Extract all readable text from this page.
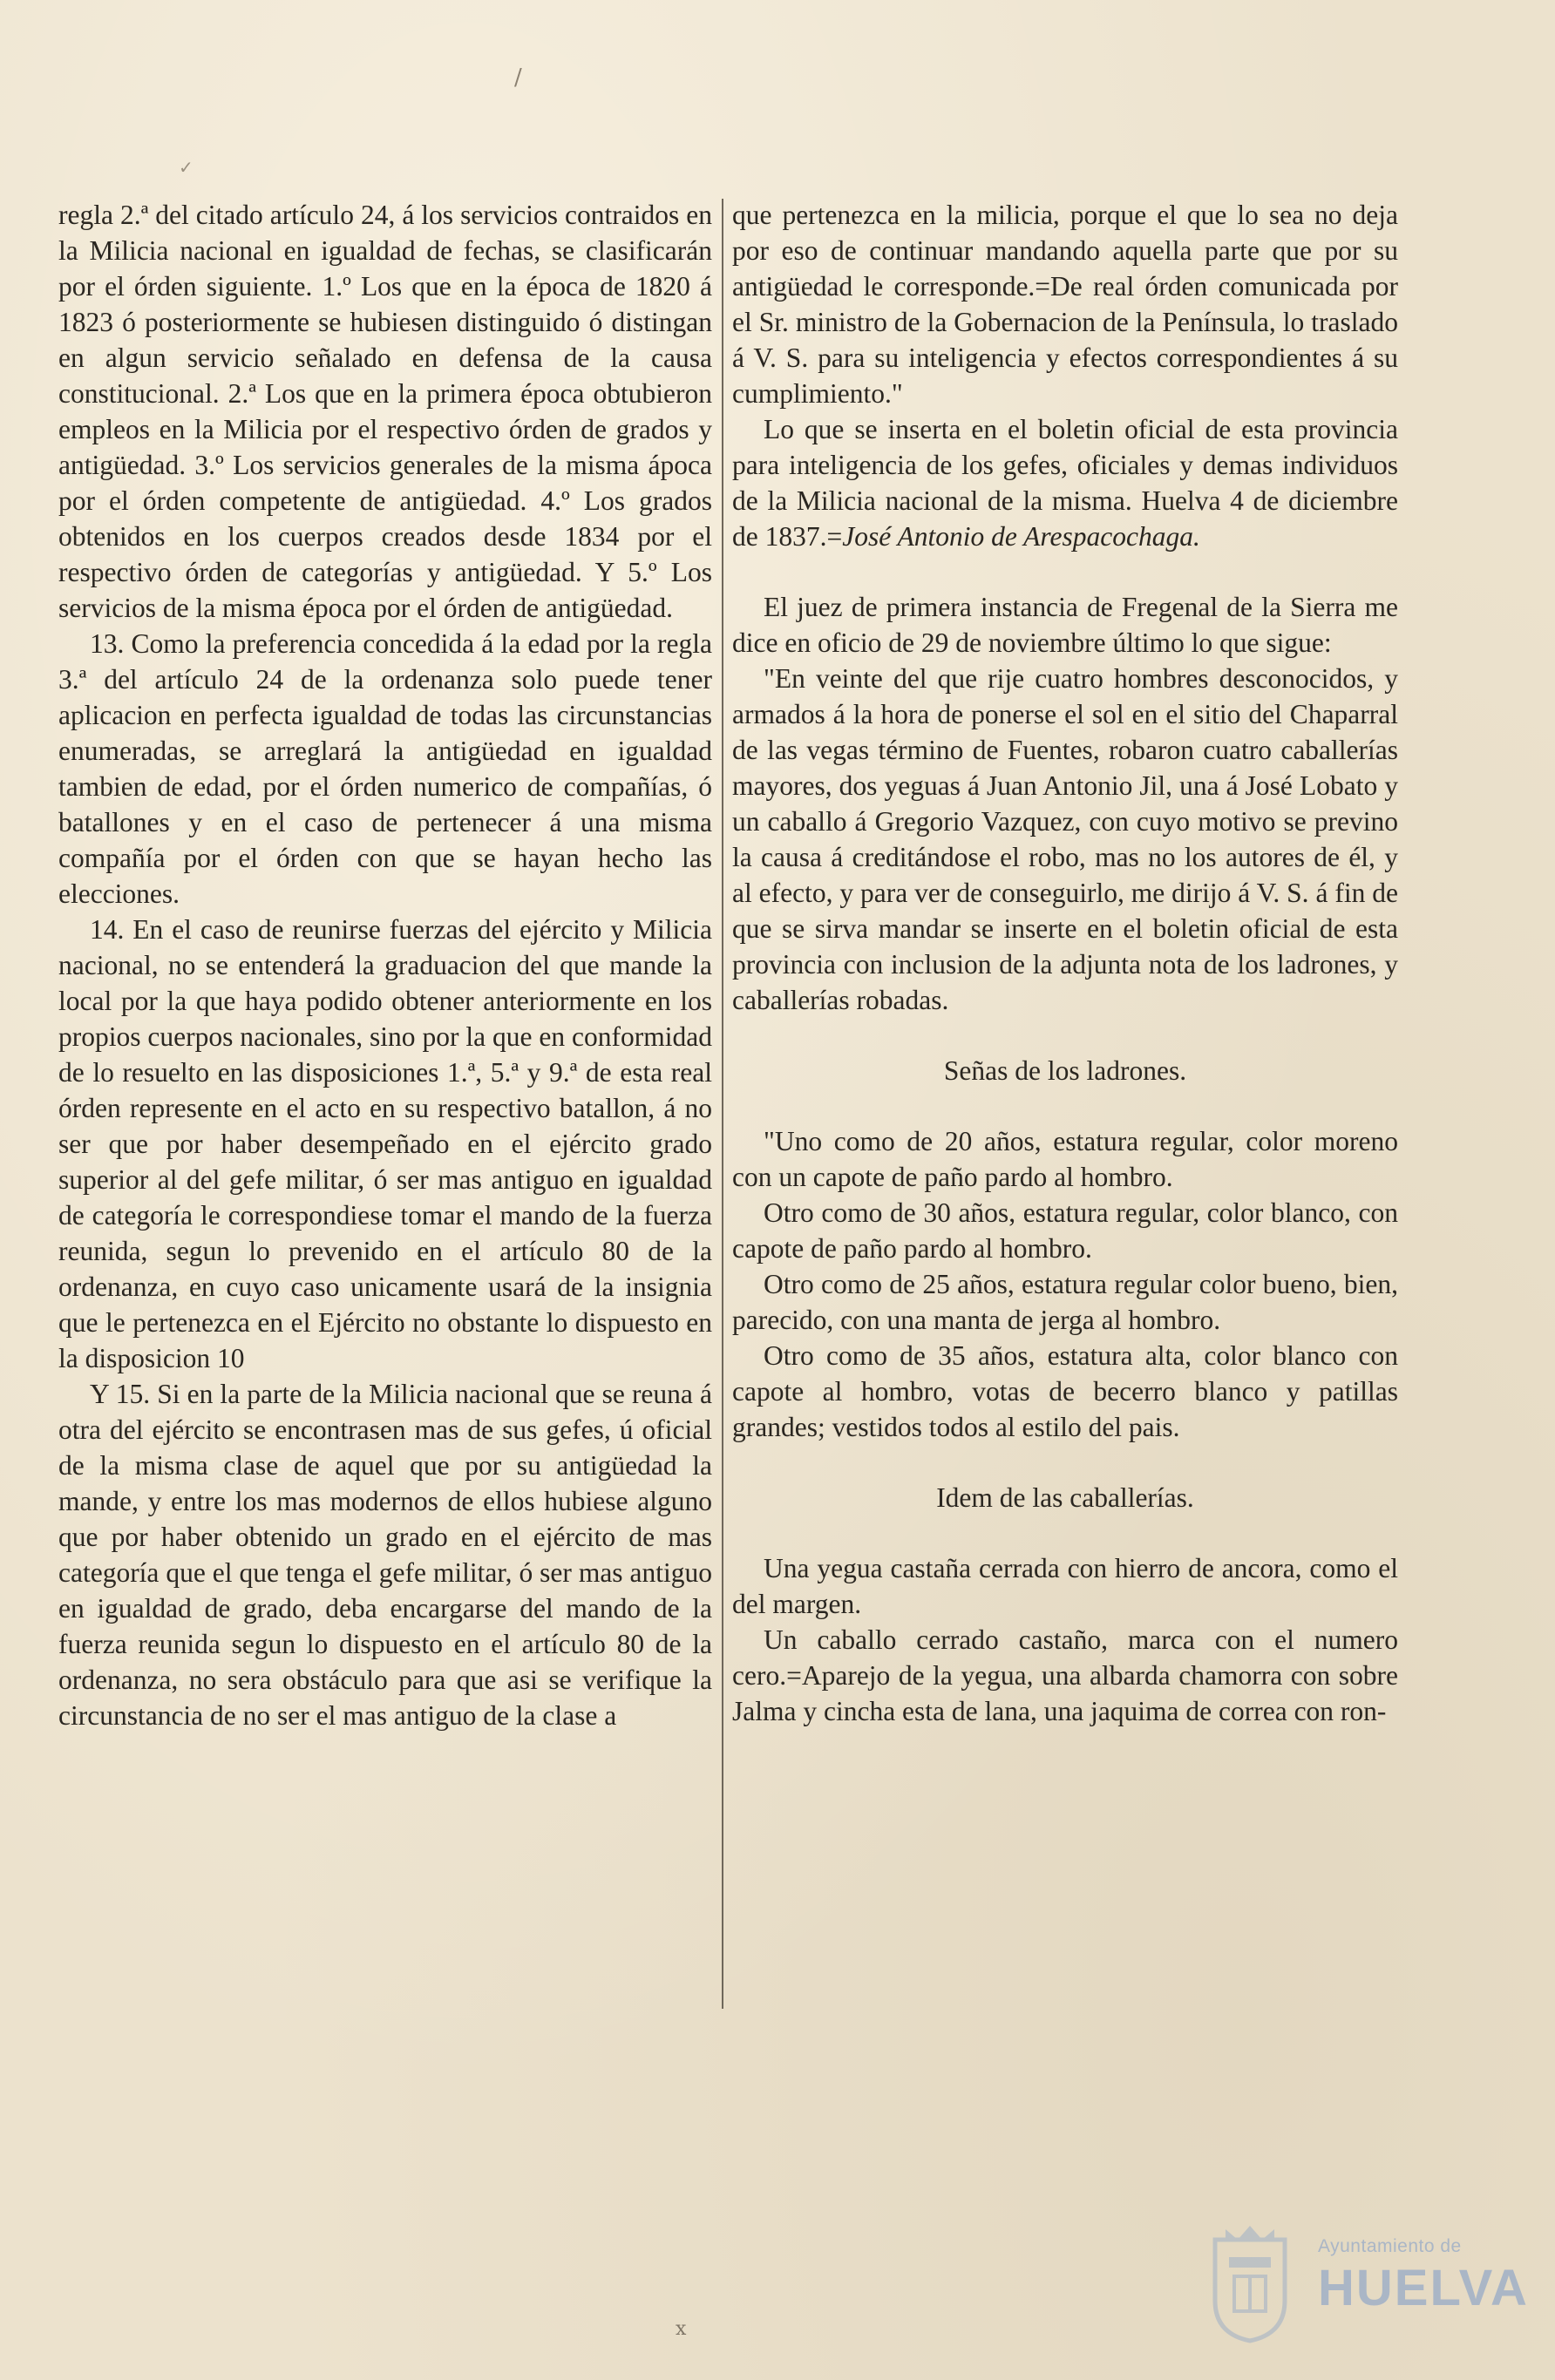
/
✓

regla 2.ª del citado artículo 24, á los servicios contraidos en la Milicia nacional en igualdad de fechas, se clasificarán por el órden siguiente. 1.º Los que en la época de 1820 á 1823 ó posteriormente se hubiesen distinguido ó distingan en algun servicio señalado en defensa de la causa constitucional. 2.ª Los que en la primera época obtubieron empleos en la Milicia por el respectivo órden de grados y antigüedad. 3.º Los servicios generales de la misma ápoca por el órden competente de antigüedad. 4.º Los grados obtenidos en los cuerpos creados desde 1834 por el respectivo órden de categorías y antigüedad. Y 5.º Los servicios de la misma época por el órden de antigüedad.

13. Como la preferencia concedida á la edad por la regla 3.ª del artículo 24 de la ordenanza solo puede tener aplicacion en perfecta igualdad de todas las circunstancias enumeradas, se arreglará la antigüedad en igualdad tambien de edad, por el órden numerico de compañías, ó batallones y en el caso de pertenecer á una misma compañía por el órden con que se hayan hecho las elecciones.

14. En el caso de reunirse fuerzas del ejército y Milicia nacional, no se entenderá la graduacion del que mande la local por la que haya podido obtener anteriormente en los propios cuerpos nacionales, sino por la que en conformidad de lo resuelto en las disposiciones 1.ª, 5.ª y 9.ª de esta real órden represente en el acto en su respectivo batallon, á no ser que por haber desempeñado en el ejército grado superior al del gefe militar, ó ser mas antiguo en igualdad de categoría le correspondiese tomar el mando de la fuerza reunida, segun lo prevenido en el artículo 80 de la ordenanza, en cuyo caso unicamente usará de la insignia que le pertenezca en el Ejército no obstante lo dispuesto en la disposicion 10

Y 15. Si en la parte de la Milicia nacional que se reuna á otra del ejército se encontrasen mas de sus gefes, ú oficial de la misma clase de aquel que por su antigüedad la mande, y entre los mas modernos de ellos hubiese alguno que por haber obtenido un grado en el ejército de mas categoría que el que tenga el gefe militar, ó ser mas antiguo en igualdad de grado, deba encargarse del mando de la fuerza reunida segun lo dispuesto en el artículo 80 de la ordenanza, no sera obstáculo para que asi se verifique la circunstancia de no ser el mas antiguo de la clase a

que pertenezca en la milicia, porque el que lo sea no deja por eso de continuar mandando aquella parte que por su antigüedad le corresponde.=De real órden comunicada por el Sr. ministro de la Gobernacion de la Península, lo traslado á V. S. para su inteligencia y efectos correspondientes á su cumplimiento."

Lo que se inserta en el boletin oficial de esta provincia para inteligencia de los gefes, oficiales y demas individuos de la Milicia nacional de la misma. Huelva 4 de diciembre de 1837.=José Antonio de Arespacochaga.

El juez de primera instancia de Fregenal de la Sierra me dice en oficio de 29 de noviembre último lo que sigue:

"En veinte del que rije cuatro hombres desconocidos, y armados á la hora de ponerse el sol en el sitio del Chaparral de las vegas término de Fuentes, robaron cuatro caballerías mayores, dos yeguas á Juan Antonio Jil, una á José Lobato y un caballo á Gregorio Vazquez, con cuyo motivo se previno la causa á creditándose el robo, mas no los autores de él, y al efecto, y para ver de conseguirlo, me dirijo á V. S. á fin de que se sirva mandar se inserte en el boletin oficial de esta provincia con inclusion de la adjunta nota de los ladrones, y caballerías robadas.

Señas de los ladrones.

"Uno como de 20 años, estatura regular, color moreno con un capote de paño pardo al hombro.

Otro como de 30 años, estatura regular, color blanco, con capote de paño pardo al hombro.

Otro como de 25 años, estatura regular color bueno, bien, parecido, con una manta de jerga al hombro.

Otro como de 35 años, estatura alta, color blanco con capote al hombro, votas de becerro blanco y patillas grandes; vestidos todos al estilo del pais.

Idem de las caballerías.

Una yegua castaña cerrada con hierro de ancora, como el del margen.

Un caballo cerrado castaño, marca con el numero cero.=Aparejo de la yegua, una albarda chamorra con sobre Jalma y cincha esta de lana, una jaquima de correa con ron-

x
Ayuntamiento de
HUELVA
